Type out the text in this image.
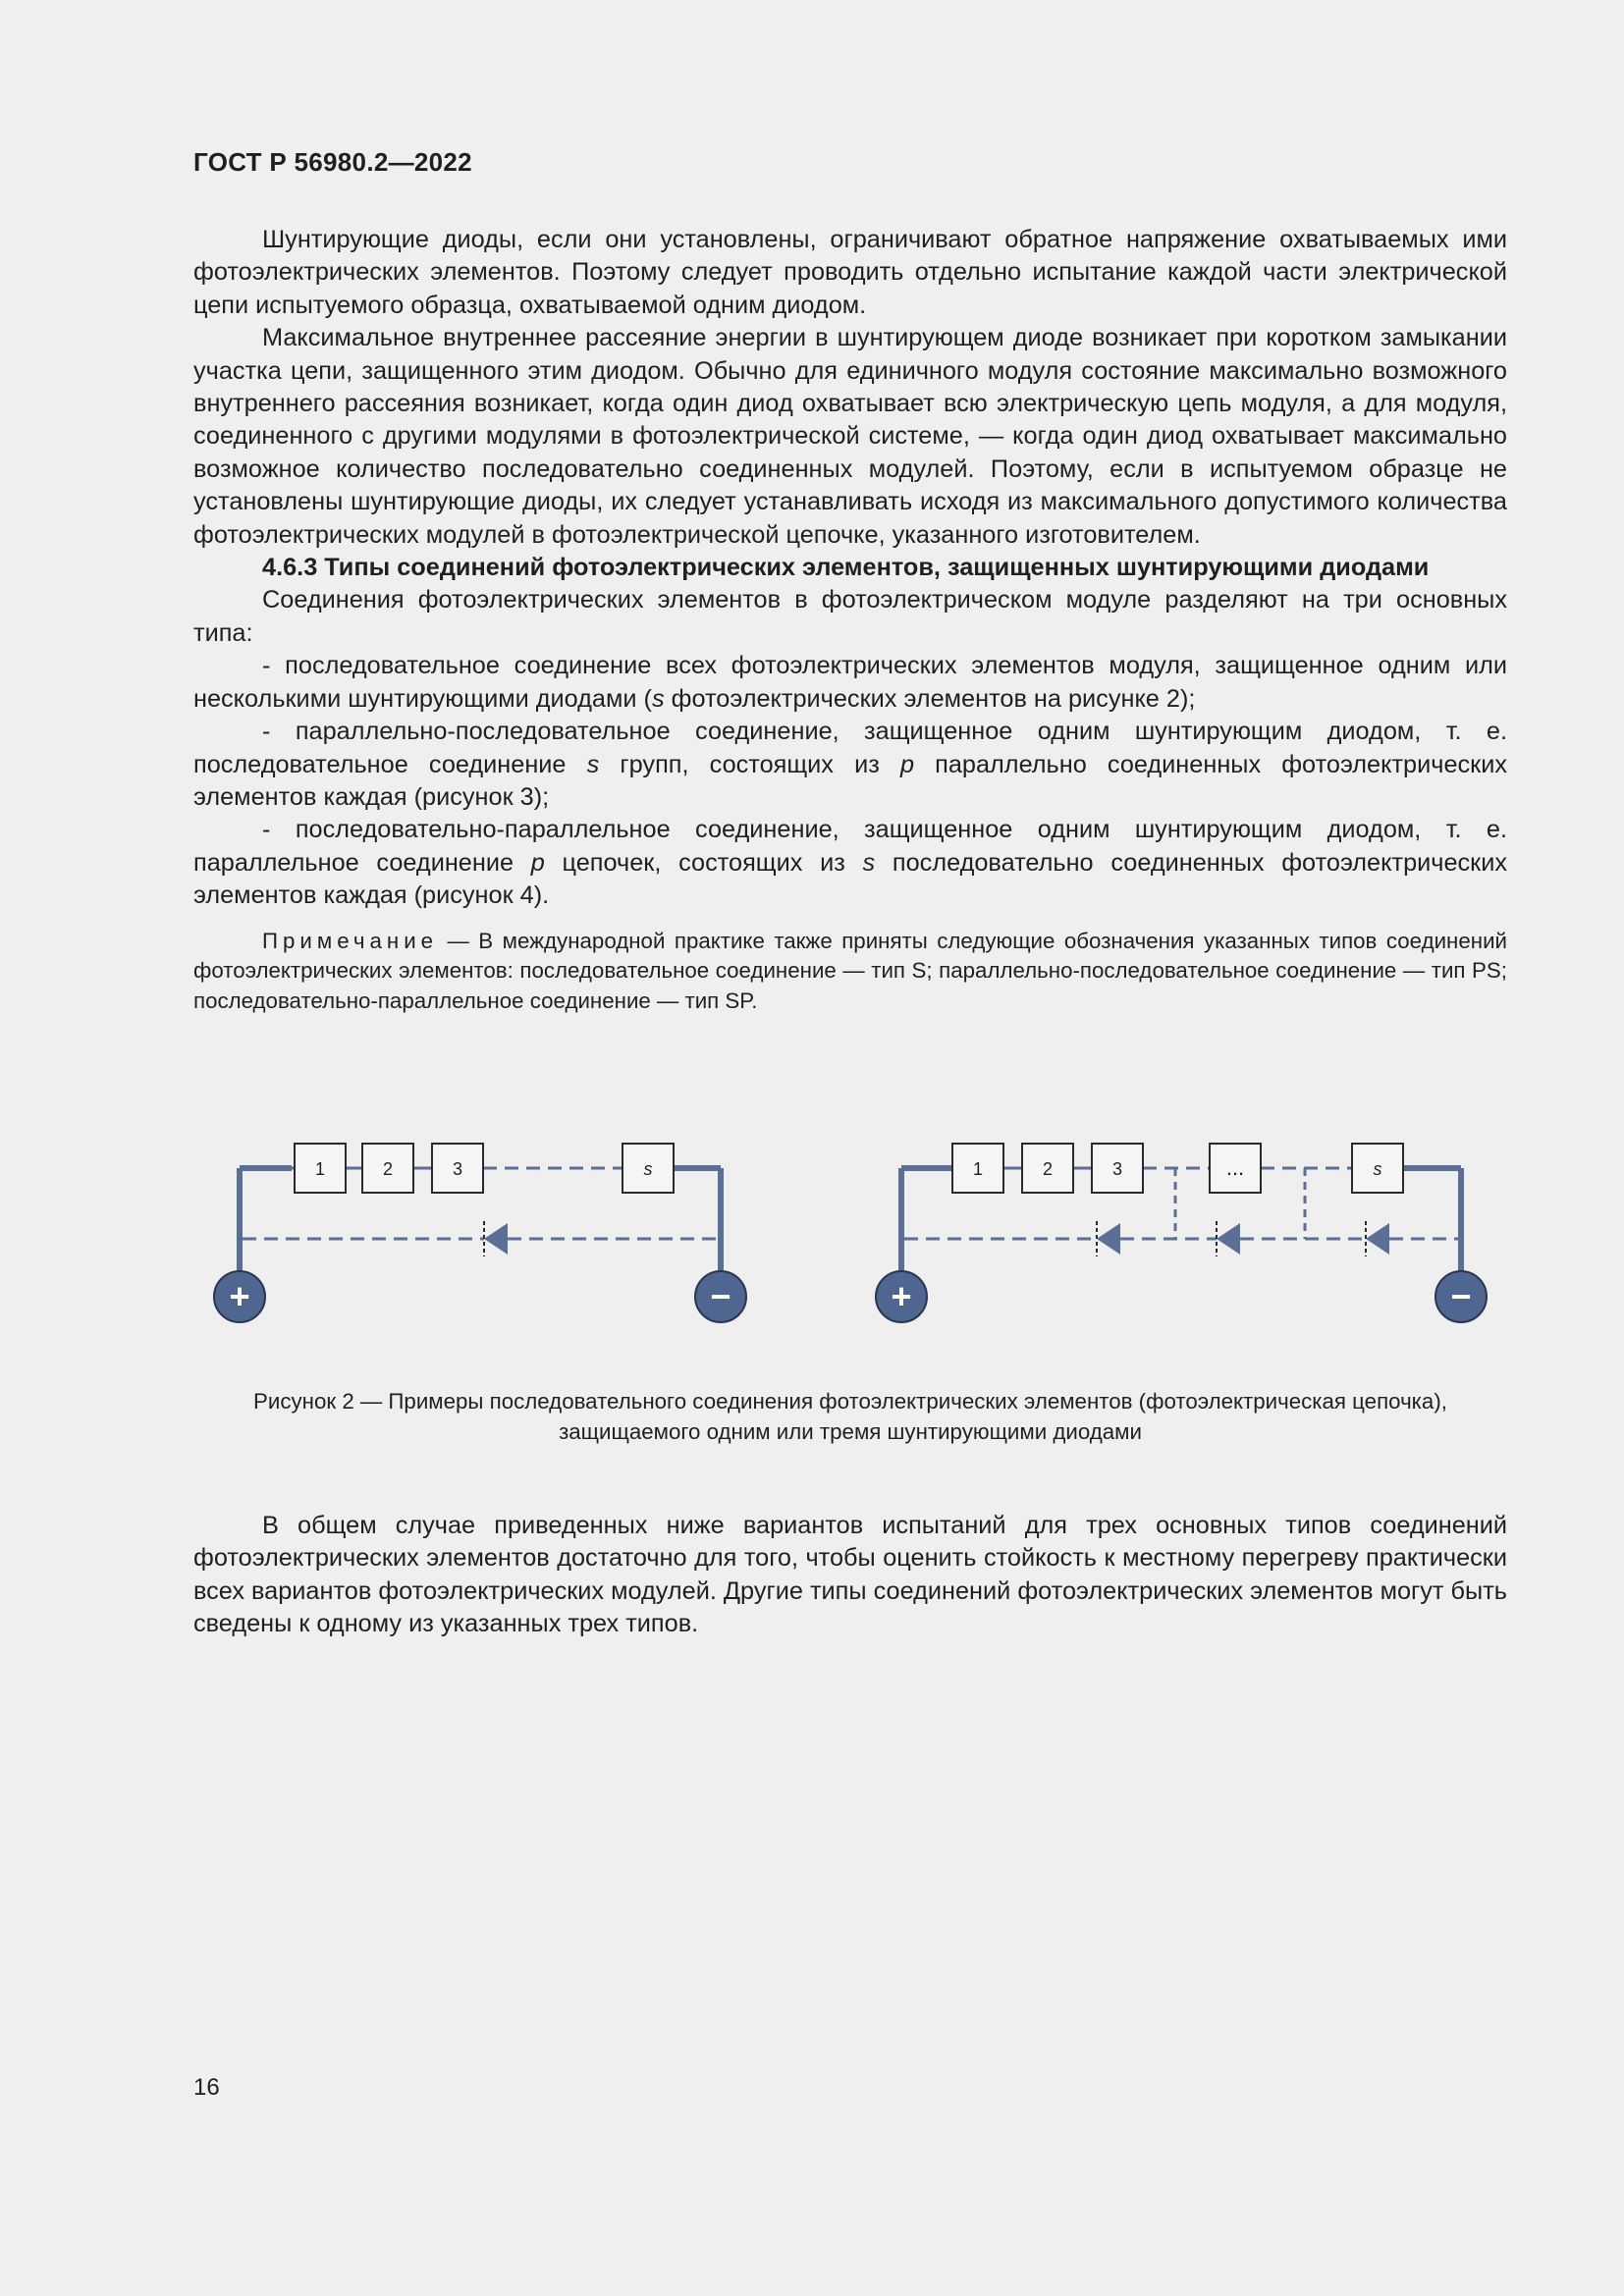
ГОСТ Р 56980.2—2022

Шунтирующие диоды, если они установлены, ограничивают обратное напряжение охватываемых ими фотоэлектрических элементов. Поэтому следует проводить отдельно испытание каждой части электрической цепи испытуемого образца, охватываемой одним диодом.

Максимальное внутреннее рассеяние энергии в шунтирующем диоде возникает при коротком замыкании участка цепи, защищенного этим диодом. Обычно для единичного модуля состояние максимально возможного внутреннего рассеяния возникает, когда один диод охватывает всю электрическую цепь модуля, а для модуля, соединенного с другими модулями в фотоэлектрической системе, — когда один диод охватывает максимально возможное количество последовательно соединенных модулей. Поэтому, если в испытуемом образце не установлены шунтирующие диоды, их следует устанавливать исходя из максимального допустимого количества фотоэлектрических модулей в фотоэлектрической цепочке, указанного изготовителем.

4.6.3 Типы соединений фотоэлектрических элементов, защищенных шунтирующими диодами

Соединения фотоэлектрических элементов в фотоэлектрическом модуле разделяют на три основных типа:

- последовательное соединение всех фотоэлектрических элементов модуля, защищенное одним или несколькими шунтирующими диодами (s фотоэлектрических элементов на рисунке 2);

- параллельно-последовательное соединение, защищенное одним шунтирующим диодом, т. е. последовательное соединение s групп, состоящих из p параллельно соединенных фотоэлектрических элементов каждая (рисунок 3);

- последовательно-параллельное соединение, защищенное одним шунтирующим диодом, т. е. параллельное соединение p цепочек, состоящих из s последовательно соединенных фотоэлектрических элементов каждая (рисунок 4).

Примечание — В международной практике также приняты следующие обозначения указанных типов соединений фотоэлектрических элементов: последовательное соединение — тип S; параллельно-последовательное соединение — тип PS; последовательно-параллельное соединение — тип SP.

1	2	3	s
+	−
1	2	3	...	s
+	−
Рисунок 2 — Примеры последовательного соединения фотоэлектрических элементов (фотоэлектрическая цепочка), защищаемого одним или тремя шунтирующими диодами

В общем случае приведенных ниже вариантов испытаний для трех основных типов соединений фотоэлектрических элементов достаточно для того, чтобы оценить стойкость к местному перегреву практически всех вариантов фотоэлектрических модулей. Другие типы соединений фотоэлектрических элементов могут быть сведены к одному из указанных трех типов.

16
